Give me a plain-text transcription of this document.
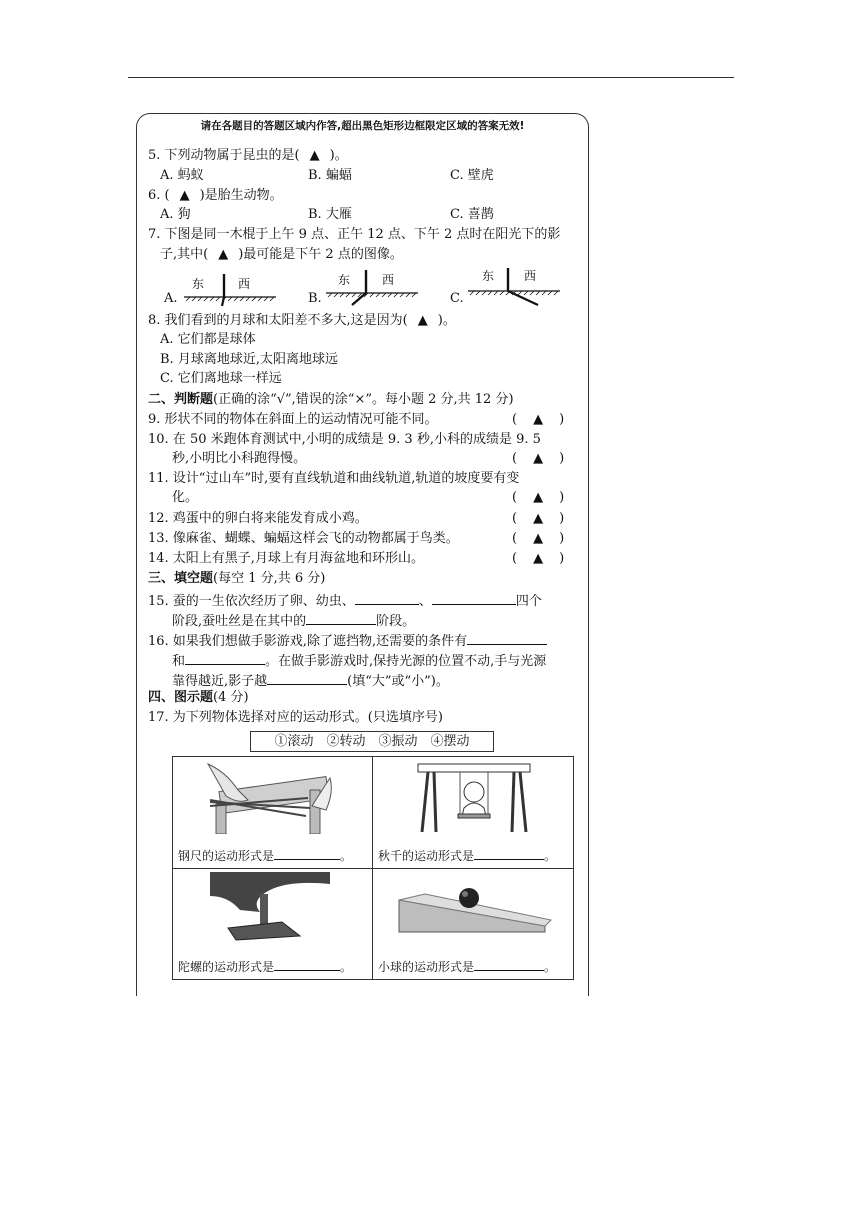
请在各题目的答题区域内作答,超出黑色矩形边框限定区域的答案无效!
5. 下列动物属于昆虫的是( ▲ )。
A. 蚂蚁	B. 蝙蝠	C. 壁虎
6. ( ▲ )是胎生动物。
A. 狗	B. 大雁	C. 喜鹊
7. 下图是同一木棍于上午 9 点、正午 12 点、下午 2 点时在阳光下的影
子,其中( ▲ )最可能是下午 2 点的图像。
A.
东	西
B.
东	西
C.
东 西
8. 我们看到的月球和太阳差不多大,这是因为( ▲ )。
A. 它们都是球体
B. 月球离地球近,太阳离地球远
C. 它们离地球一样远
二、判断题(正确的涂“√”,错误的涂“×”。每小题 2 分,共 12 分)
9. 形状不同的物体在斜面上的运动情况可能不同。	( ▲ )
10. 在 50 米跑体育测试中,小明的成绩是 9. 3 秒,小科的成绩是 9. 5
秒,小明比小科跑得慢。	( ▲ )
11. 设计“过山车”时,要有直线轨道和曲线轨道,轨道的坡度要有变
化。	( ▲ )
12. 鸡蛋中的卵白将来能发育成小鸡。	( ▲ )
13. 像麻雀、蝴蝶、蝙蝠这样会飞的动物都属于鸟类。	( ▲ )
14. 太阳上有黑子,月球上有月海盆地和环形山。	( ▲ )
三、填空题(每空 1 分,共 6 分)
15. 蚕的一生依次经历了卵、幼虫、	、	四个
阶段,蚕吐丝是在其中的	阶段。
16. 如果我们想做手影游戏,除了遮挡物,还需要的条件有
和	。在做手影游戏时,保持光源的位置不动,手与光源
靠得越近,影子越	(填“大”或“小”)。
四、图示题(4 分)
17. 为下列物体选择对应的运动形式。(只选填序号)
①滚动　②转动　③振动　④摆动
钢尺的运动形式是	。 秋千的运动形式是	。
陀螺的运动形式是	。 小球的运动形式是	。
